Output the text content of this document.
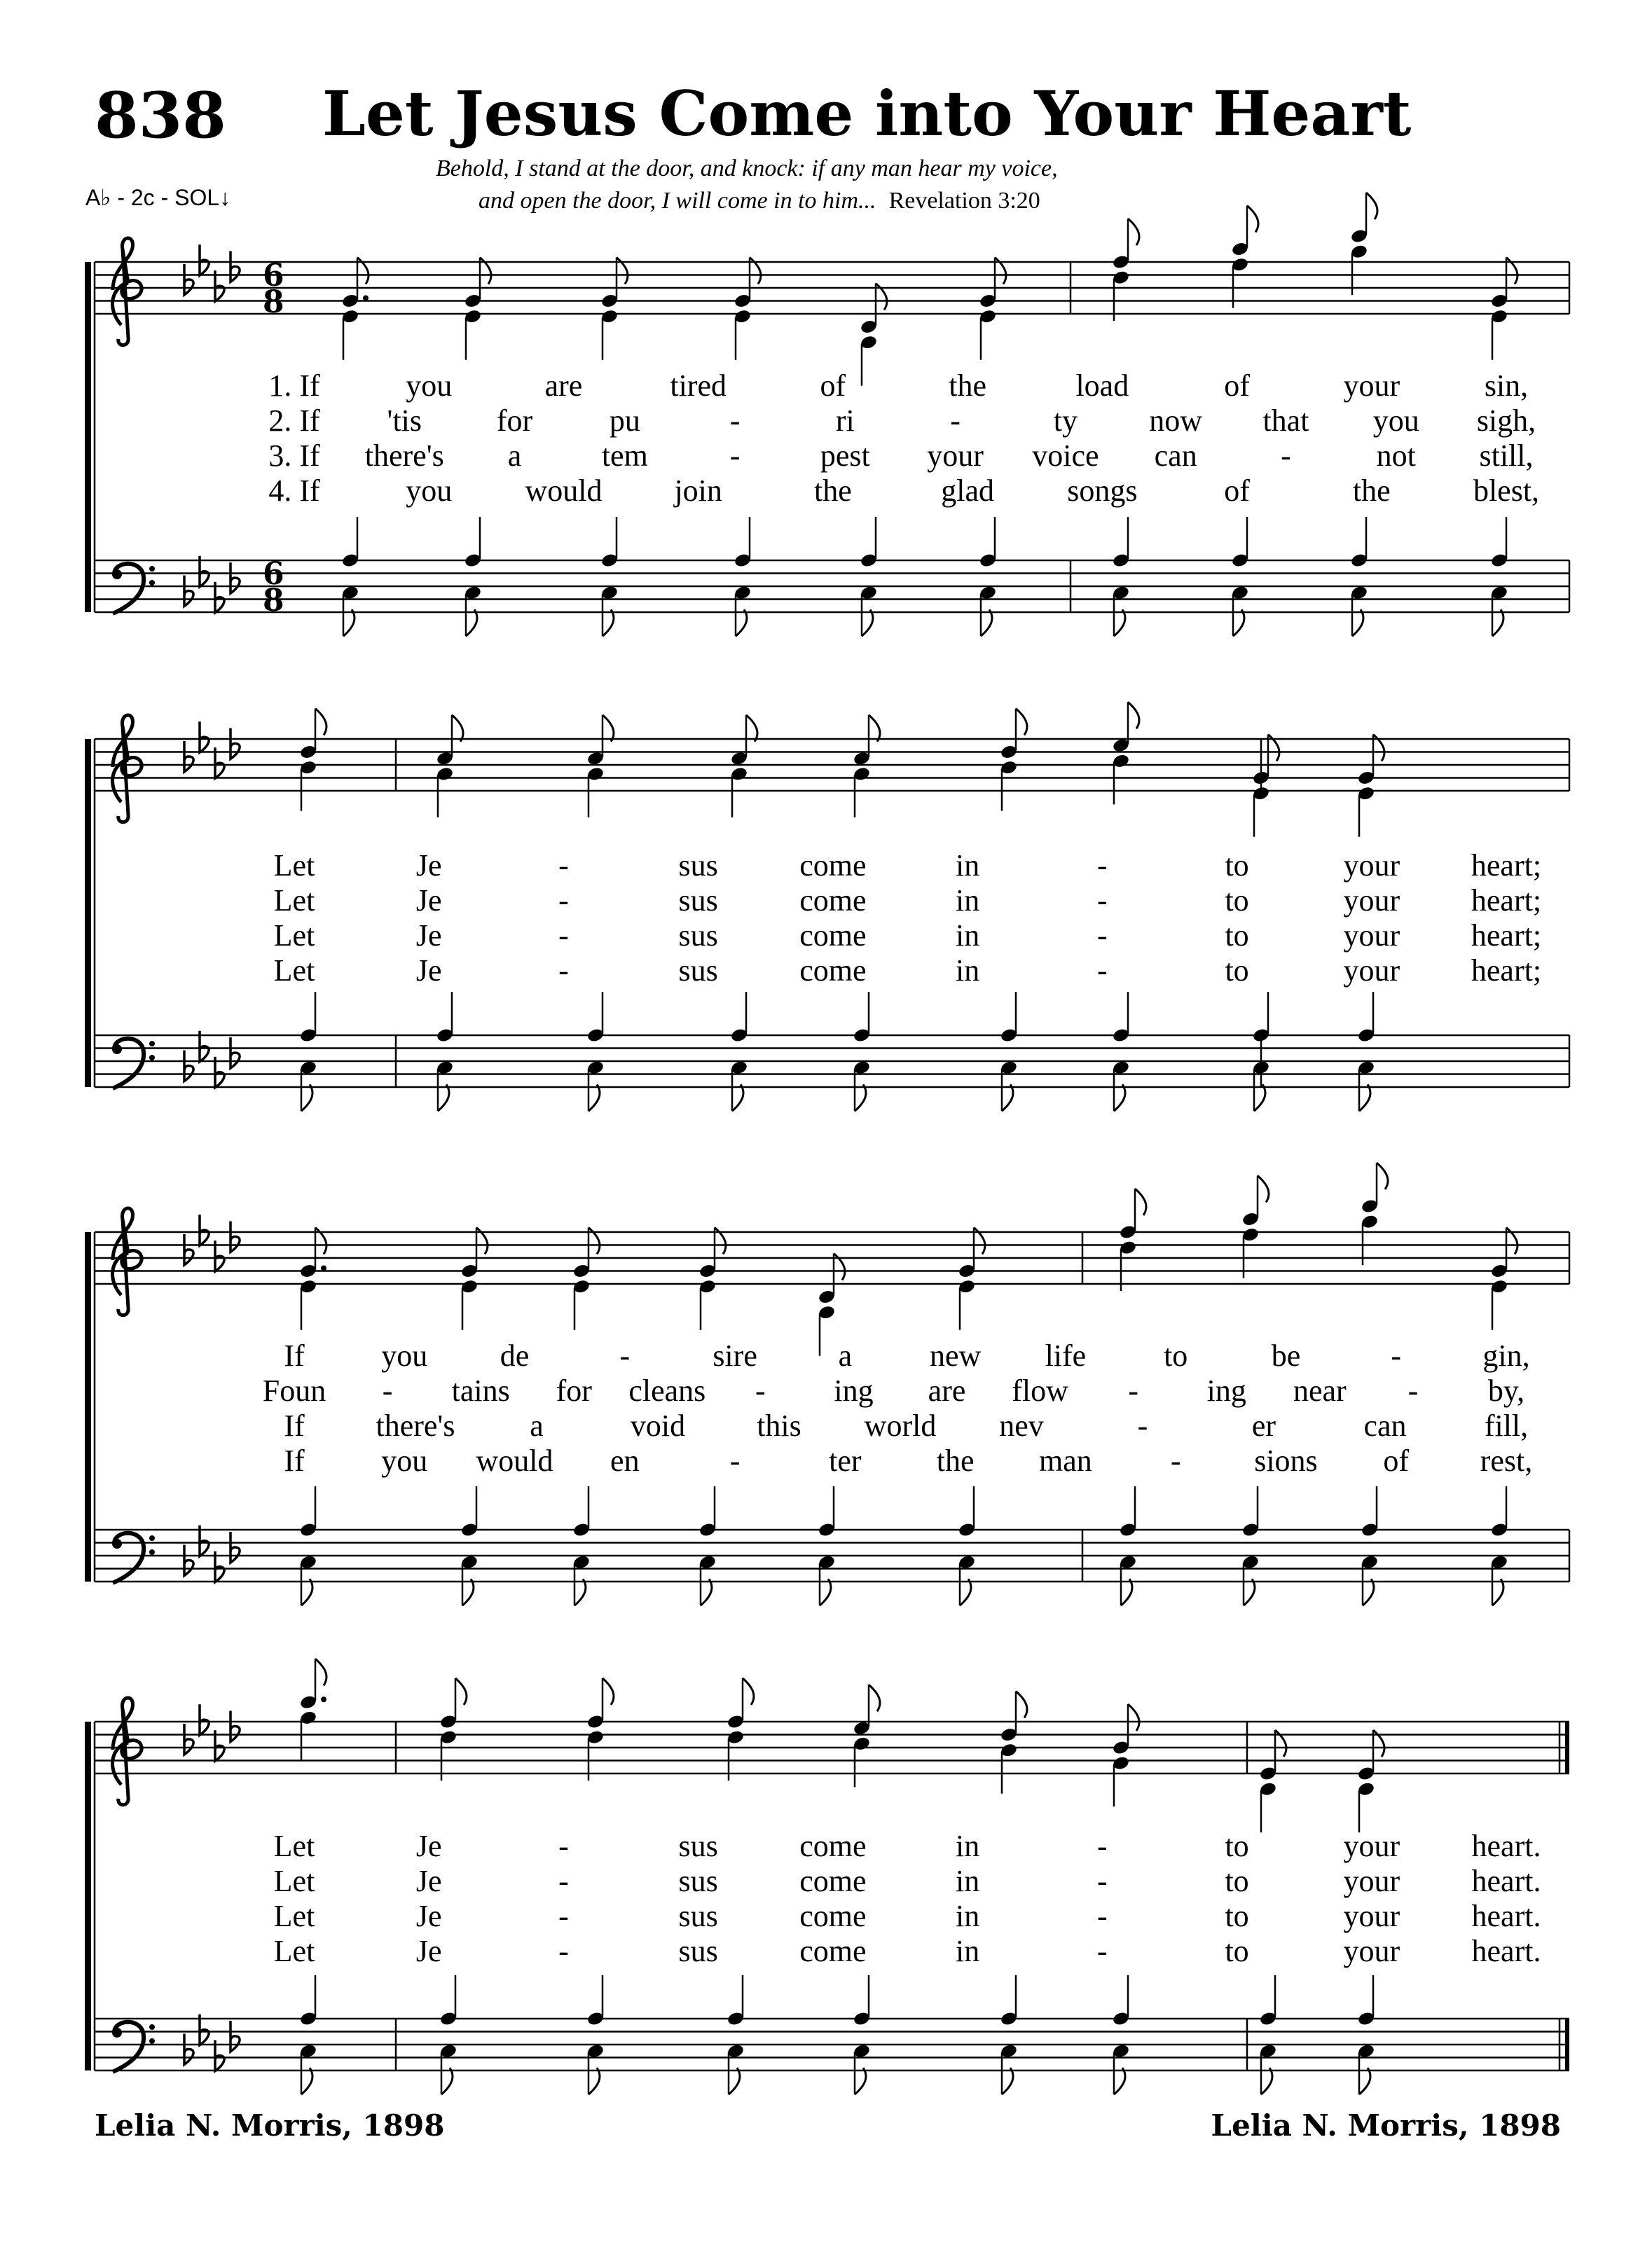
838 Let Jesus Come into Your Heart
Behold, I stand at the door, and knock: if any man hear my voice,
and open the door, I will come in to him... Revelation 3:20
A♭ - 2c - SOL↓
6
8
6
8
1. If	you	are	tired	of	the	load	of	your	sin,
2. If 'tis for pu	-	ri	-	ty now that you sigh,
3. If there's a	tem	-	pest your voice can	-	not still,
4. If	you would join	the	glad songs	of	the	blest,
Let	Je	-	sus	come	in	-	to	your heart;
Let	Je	-	sus	come	in	-	to	your heart;
Let	Je	-	sus	come	in	-	to	your heart;
Let	Je	-	sus	come	in	-	to	your heart;
If you de	-	sire	a	new life	to	be	-	gin,
Foun - tains for cleans - ing are flow - ing near - by,
If there's a	void this world nev	-	er	can	fill,
If you would en	-	ter the man	- sions of rest,
Let	Je	-	sus	come	in	-	to	your heart.
Let	Je	-	sus	come	in	-	to	your heart.
Let	Je	-	sus	come	in	-	to	your heart.
Let	Je	-	sus	come	in	-	to	your heart.
Lelia N. Morris, 1898	Lelia N. Morris, 1898
